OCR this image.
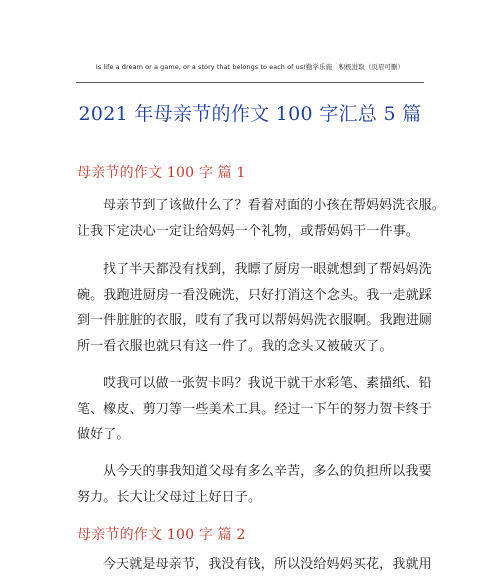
Is life a dream or a game, or a story that belongs to each of us!勤学乐施　积极进取（页眉可删）
2021 年母亲节的作文 100 字汇总 5 篇
母亲节的作文 100 字 篇 1

母亲节到了该做什么了？看着对面的小孩在帮妈妈洗衣服。
让我下定决心一定让给妈妈一个礼物，或帮妈妈干一件事。

找了半天都没有找到，我瞟了厨房一眼就想到了帮妈妈洗
碗。我跑进厨房一看没碗洗，只好打消这个念头。我一走就踩
到一件脏脏的衣服，哎有了我可以帮妈妈洗衣服啊。我跑进厕
所一看衣服也就只有这一件了。我的念头又被破灭了。

哎我可以做一张贺卡吗？我说干就干水彩笔、素描纸、铅
笔、橡皮、剪刀等一些美术工具。经过一下午的努力贺卡终于
做好了。

从今天的事我知道父母有多么辛苦，多么的负担所以我要
努力。长大让父母过上好日子。

母亲节的作文 100 字 篇 2

今天就是母亲节，我没有钱，所以没给妈妈买花，我就用
